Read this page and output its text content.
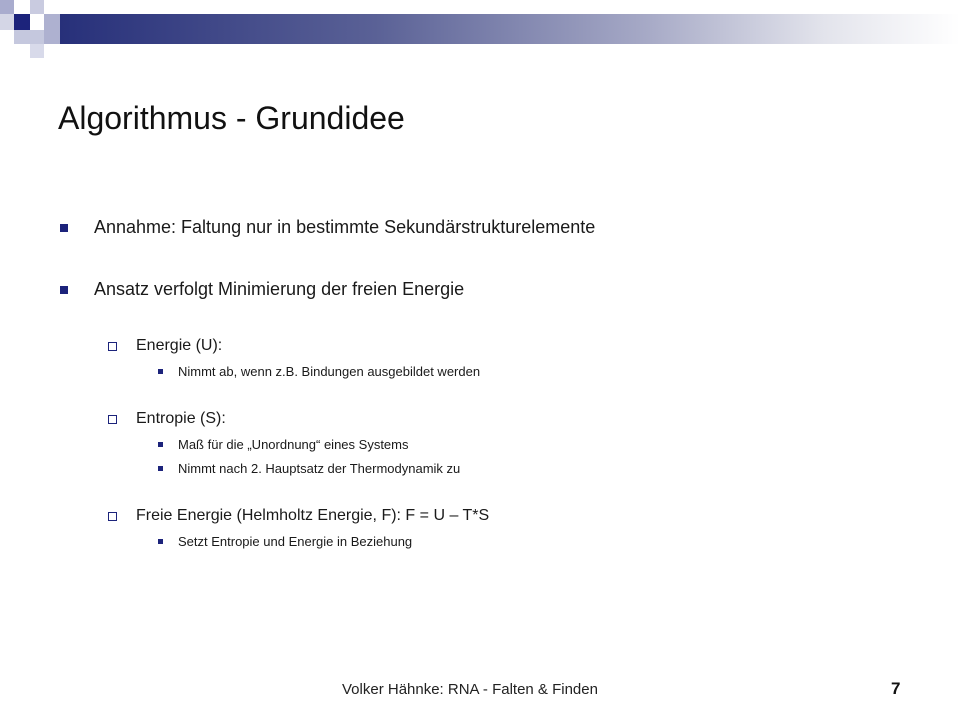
Algorithmus - Grundidee
Annahme: Faltung nur in bestimmte Sekundärstrukturelemente
Ansatz verfolgt Minimierung der freien Energie
Energie (U):
Nimmt ab, wenn z.B. Bindungen ausgebildet werden
Entropie (S):
Maß für die „Unordnung“ eines Systems
Nimmt nach 2. Hauptsatz der Thermodynamik zu
Freie Energie (Helmholtz Energie, F): F = U – T*S
Setzt Entropie und Energie in Beziehung
Volker Hähnke: RNA - Falten & Finden	7
